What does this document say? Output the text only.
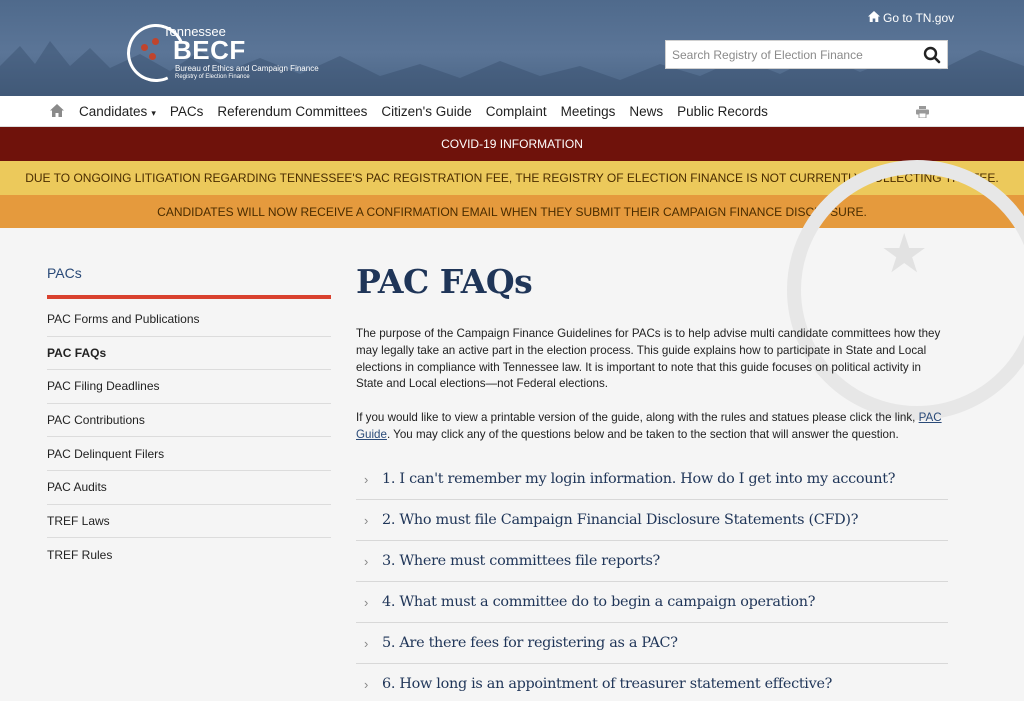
Tennessee
BECF
Bureau of Ethics and Campaign Finance
Registry of Election Finance
Go to TN.gov
Search Registry of Election Finance
Candidates ▾ PACs Referendum Committees Citizen's Guide Complaint Meetings News Public Records
COVID-19 INFORMATION
DUE TO ONGOING LITIGATION REGARDING TENNESSEE'S PAC REGISTRATION FEE, THE REGISTRY OF ELECTION FINANCE IS NOT CURRENTLY COLLECTING THE FEE.
CANDIDATES WILL NOW RECEIVE A CONFIRMATION EMAIL WHEN THEY SUBMIT THEIR CAMPAIGN FINANCE DISCLOSURE.
★
PACs
PAC Forms and Publications
PAC FAQs
PAC Filing Deadlines
PAC Contributions
PAC Delinquent Filers
PAC Audits
TREF Laws
TREF Rules
PAC FAQs

The purpose of the Campaign Finance Guidelines for PACs is to help advise multi candidate committees how they may legally take an active part in the election process. This guide explains how to participate in State and Local elections in compliance with Tennessee law. It is important to note that this guide focuses on political activity in State and Local elections—not Federal elections.

If you would like to view a printable version of the guide, along with the rules and statues please click the link, PAC Guide. You may click any of the questions below and be taken to the section that will answer the question.

› 1. I can't remember my login information. How do I get into my account?
› 2. Who must file Campaign Financial Disclosure Statements (CFD)?
› 3. Where must committees file reports?
› 4. What must a committee do to begin a campaign operation?
› 5. Are there fees for registering as a PAC?
› 6. How long is an appointment of treasurer statement effective?
